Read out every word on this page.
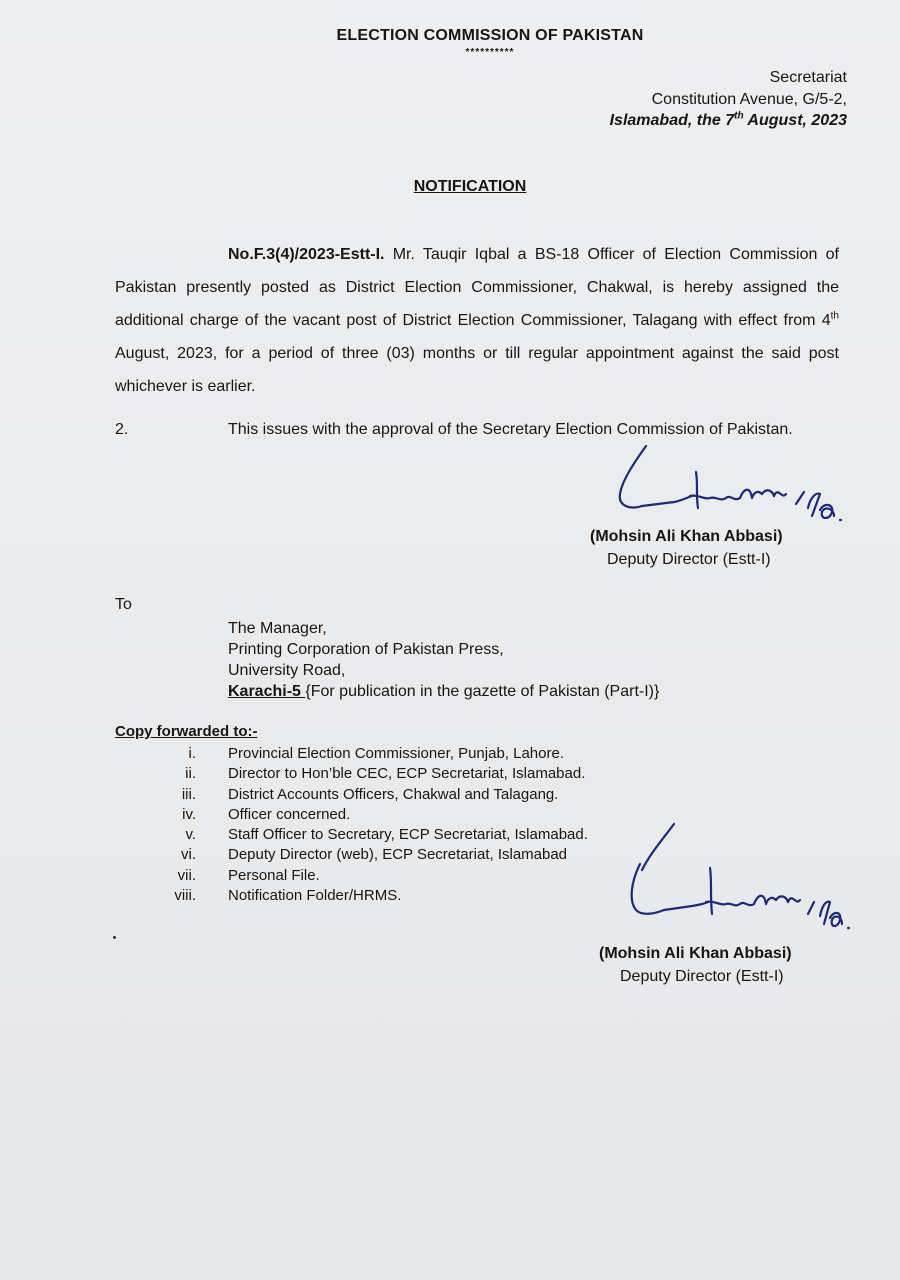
ELECTION COMMISSION OF PAKISTAN
**********
Secretariat
Constitution Avenue, G/5-2,
Islamabad, the 7th August, 2023
NOTIFICATION
No.F.3(4)/2023-Estt-I. Mr. Tauqir Iqbal a BS-18 Officer of Election Commission of Pakistan presently posted as District Election Commissioner, Chakwal, is hereby assigned the additional charge of the vacant post of District Election Commissioner, Talagang with effect from 4th August, 2023, for a period of three (03) months or till regular appointment against the said post whichever is earlier.
2.	This issues with the approval of the Secretary Election Commission of Pakistan.
(Mohsin Ali Khan Abbasi)
Deputy Director (Estt-I)
To
The Manager,
Printing Corporation of Pakistan Press,
University Road,
Karachi-5 {For publication in the gazette of Pakistan (Part-I)}
Copy forwarded to:-
i. Provincial Election Commissioner, Punjab, Lahore.
ii. Director to Hon’ble CEC, ECP Secretariat, Islamabad.
iii. District Accounts Officers, Chakwal and Talagang.
iv. Officer concerned.
v. Staff Officer to Secretary, ECP Secretariat, Islamabad.
vi. Deputy Director (web), ECP Secretariat, Islamabad
vii. Personal File.
viii. Notification Folder/HRMS.
(Mohsin Ali Khan Abbasi)
Deputy Director (Estt-I)
